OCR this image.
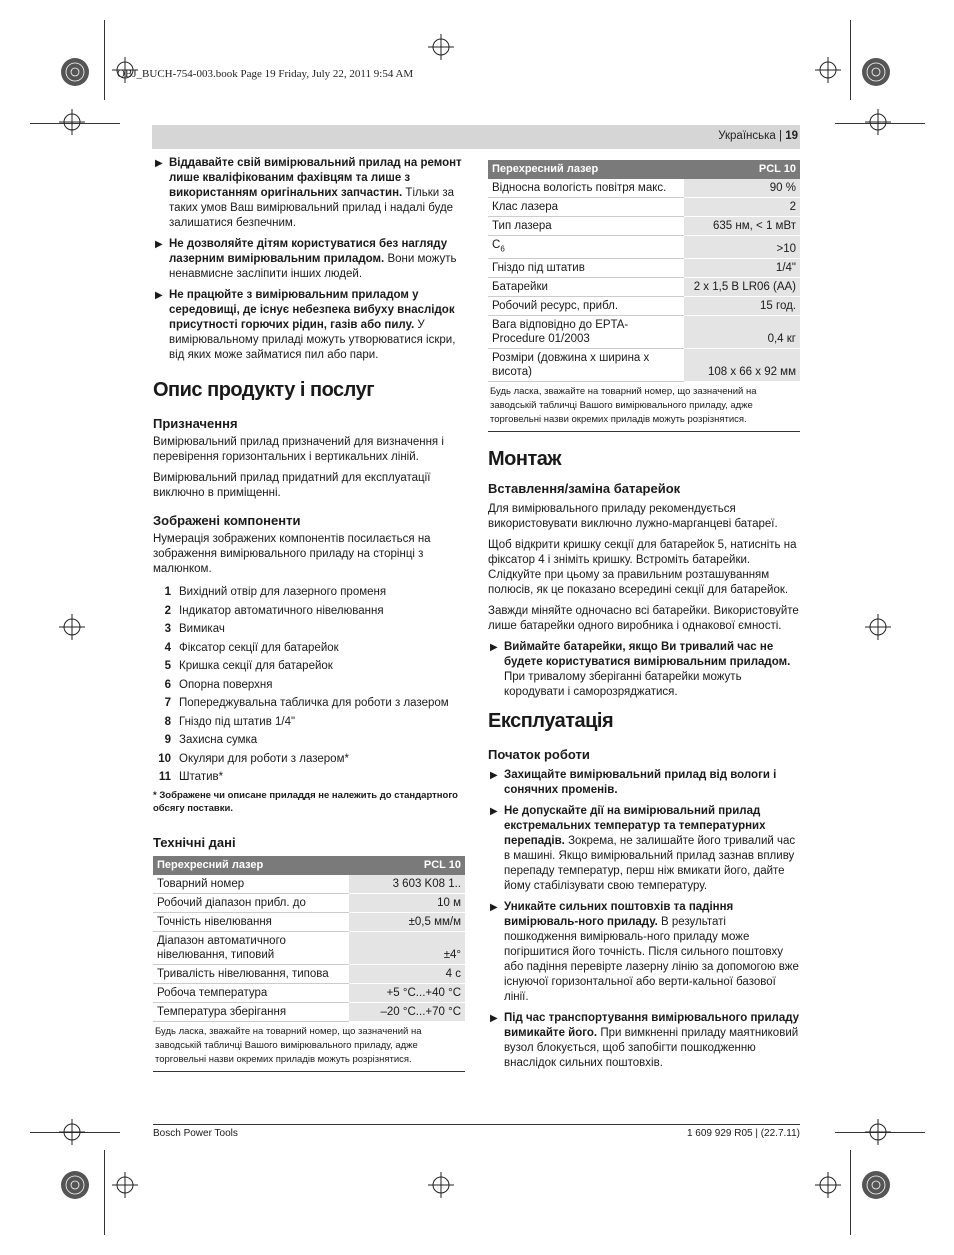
OBJ_BUCH-754-003.book Page 19 Friday, July 22, 2011 9:54 AM
Українська | 19
▶ Віддавайте свій вимірювальний прилад на ремонт лише кваліфікованим фахівцям та лише з використанням оригінальних запчастин. Тільки за таких умов Ваш вимірювальний прилад і надалі буде залишатися безпечним.
▶ Не дозволяйте дітям користуватися без нагляду лазерним вимірювальним приладом. Вони можуть ненавмисне засліпити інших людей.
▶ Не працюйте з вимірювальним приладом у середовищі, де існує небезпека вибуху внаслідок присутності горючих рідин, газів або пилу. У вимірювальному приладі можуть утворюватися іскри, від яких може займатися пил або пари.
Опис продукту і послуг
Призначення

Вимірювальний прилад призначений для визначення і перевірення горизонтальних і вертикальних ліній.

Вимірювальний прилад придатний для експлуатації виключно в приміщенні.

Зображені компоненти

Нумерація зображених компонентів посилається на зображення вимірювального приладу на сторінці з малюнком.

1 Вихідний отвір для лазерного променя
2 Індикатор автоматичного нівелювання
3 Вимикач
4 Фіксатор секції для батарейок
5 Кришка секції для батарейок
6 Опорна поверхня
7 Попереджувальна табличка для роботи з лазером
8 Гніздо під штатив 1/4"
9 Захисна сумка
10 Окуляри для роботи з лазером*
11 Штатив*
* Зображене чи описане приладдя не належить до стандартного обсягу поставки.
Технічні дані
Перехресний лазер	PCL 10
Товарний номер	3 603 K08 1..
Робочий діапазон прибл. до	10 м
Точність нівелювання	±0,5 мм/м
Діапазон автоматичного нівелювання, типовий	±4°
Тривалість нівелювання, типова	4 с
Робоча температура	+5 °C...+40 °C
Температура зберігання	–20 °C...+70 °C
Будь ласка, зважайте на товарний номер, що зазначений на заводській табличці Вашого вимірювального приладу, адже торговельні назви окремих приладів можуть розрізнятися.
Перехресний лазер	PCL 10
Відносна вологість повітря макс.	90 %
Клас лазера	2
Тип лазера	635 нм, < 1 мВт
$C_6$	>10
Гніздо під штатив	1/4"
Батарейки	2 x 1,5 В LR06 (AA)
Робочий ресурс, прибл.	15 год.
Вага відповідно до EPTA-Procedure 01/2003	0,4 кг
Розміри (довжина x ширина x висота)	108 x 66 x 92 мм
Будь ласка, зважайте на товарний номер, що зазначений на заводській табличці Вашого вимірювального приладу, адже торговельні назви окремих приладів можуть розрізнятися.
Монтаж
Вставлення/заміна батарейок

Для вимірювального приладу рекомендується використовувати виключно лужно-марганцеві батареї.

Щоб відкрити кришку секції для батарейок 5, натисніть на фіксатор 4 і зніміть кришку. Встроміть батарейки. Слідкуйте при цьому за правильним розташуванням полюсів, як це показано всередині секції для батарейок.

Завжди міняйте одночасно всі батарейки. Використовуйте лише батарейки одного виробника і однакової ємності.

▶ Виймайте батарейки, якщо Ви тривалий час не будете користуватися вимірювальним приладом. При тривалому зберіганні батарейки можуть кородувати і саморозряджатися.
Експлуатація
Початок роботи
▶ Захищайте вимірювальний прилад від вологи і сонячних променів.
▶ Не допускайте дії на вимірювальний прилад екстремальних температур та температурних перепадів. Зокрема, не залишайте його тривалий час в машині. Якщо вимірювальний прилад зазнав впливу перепаду температур, перш ніж вмикати його, дайте йому стабілізувати свою температуру.
▶ Уникайте сильних поштовхів та падіння вимірюваль-ного приладу. В результаті пошкодження вимірюваль-ного приладу може погіршитися його точність. Після сильного поштовху або падіння перевірте лазерну лінію за допомогою вже існуючої горизонтальної або верти-кальної базової лінії.
▶ Під час транспортування вимірювального приладу вимикайте його. При вимкненні приладу маятниковий вузол блокується, щоб запобігти пошкодженню внаслідок сильних поштовхів.
Bosch Power Tools	1 609 929 R05 | (22.7.11)
